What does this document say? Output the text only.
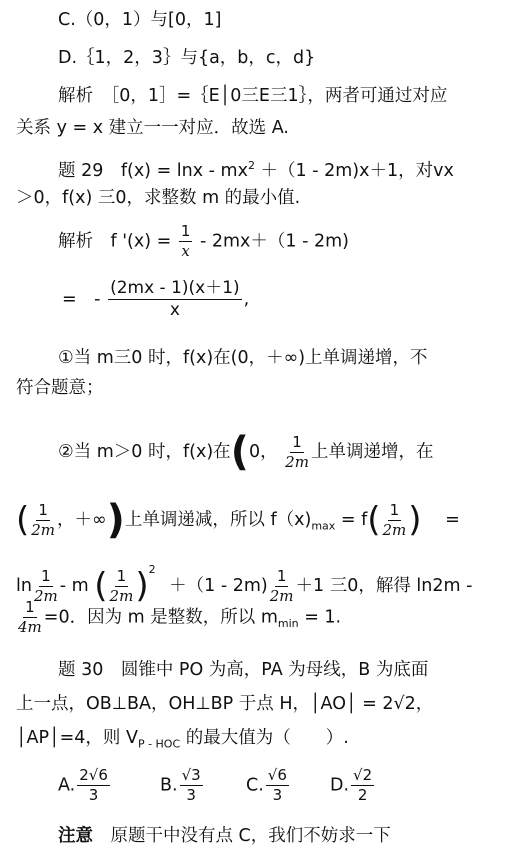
C.（0，1）与[0，1]
D.｛1，2，3｝与{a，b，c，d}
解析　［0，1］=｛E│0三E三1｝，两者可通过对应
关系 y = x 建立一一对应．故选 A.
题 29　$f(x) = \ln x - mx^2 +(1 - 2m)x+1$，对vx
＞0，f(x) 三0，求整数 m 的最小值.
解析　f '$(x) = \frac{1}{x} - 2mx+(1 - 2m)$
=　- $\frac{(2mx - 1)(x+1)}{x}$ ,
①当 m三0 时，f(x)在(0，＋∞)上单调递增，不
符合题意；
②当 m＞0 时，f(x)在(0， $\frac{1}{2m}$ 上单调递增，在
( $\frac{1}{2m}$ ，＋∞)上单调递减，所以 $f(x)_{max} = f( \frac{1}{2m}$ ) =
$\ln \frac{1}{2m}$ - m ( $\frac{1}{2m} )^2 +(1 - 2m) \frac{1}{2m} +1$ 三0，解得 ln2m -
$\frac{1}{4m} =0$．因为 m 是整数，所以 $m_{min} = 1$.
题 30　圆锥中 PO 为高，PA 为母线，B 为底面
上一点，OB⊥BA，OH⊥BP 于点 H，│AO│ = 2√2，
│AP│=4，则 $V_{P - HOC}$ 的最大值为（　　）.
A. $\frac{2√6}{3}$	B. $\frac{√3}{3} C$. $\frac{√6}{3} D$. $\frac{√2}{2}$
注意　原题干中没有点 C，我们不妨求一下
